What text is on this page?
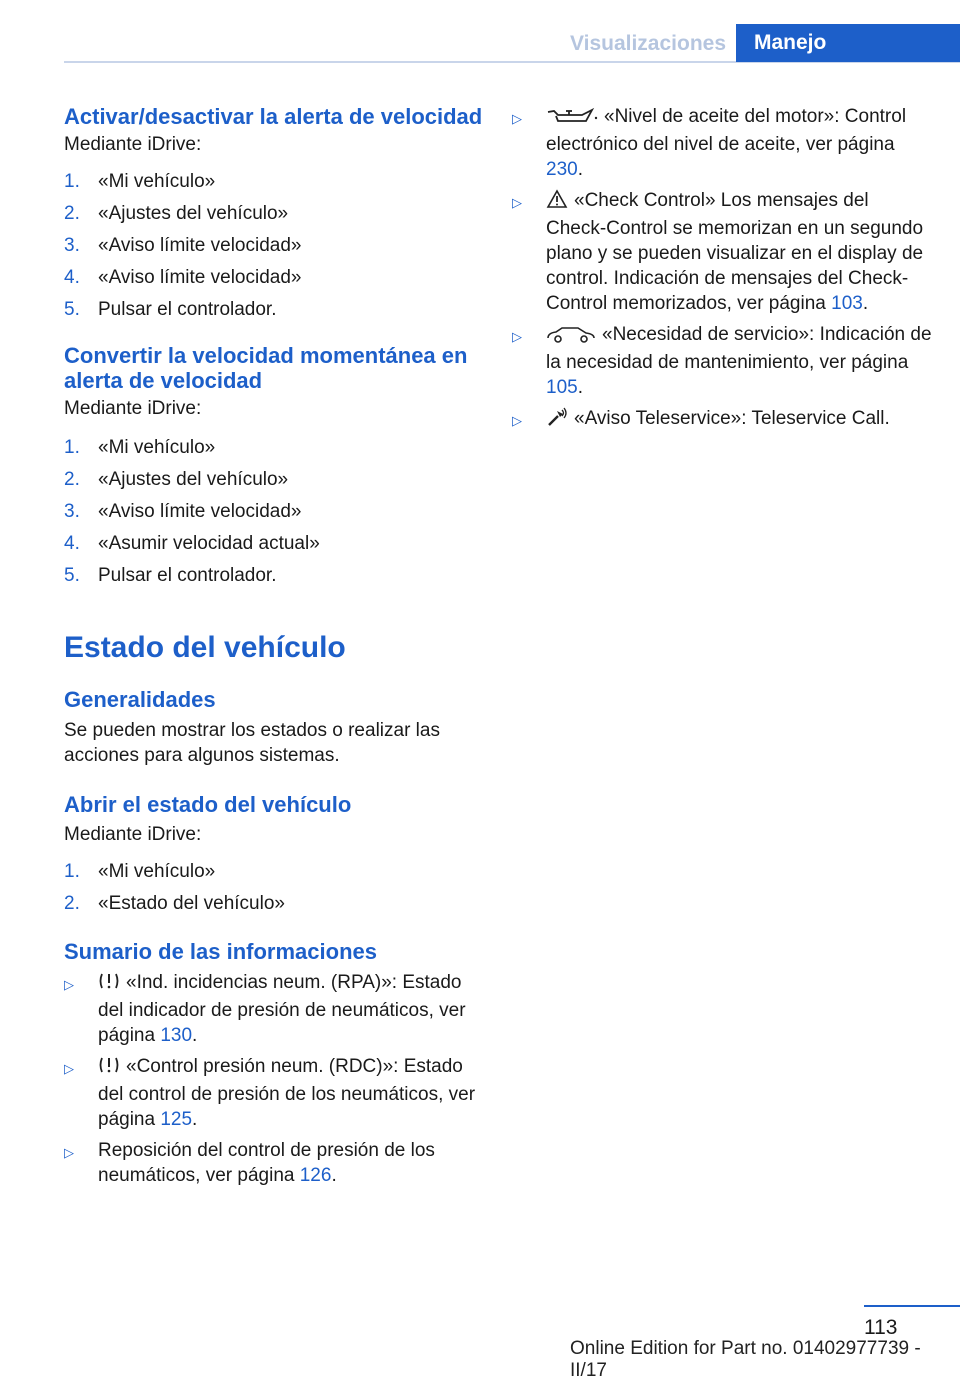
Visualizaciones	Manejo
Activar/desactivar la alerta de velocidad

Mediante iDrive:

1. «Mi vehículo»
2. «Ajustes del vehículo»
3. «Aviso límite velocidad»
4. «Aviso límite velocidad»
5. Pulsar el controlador.
Convertir la velocidad momentánea en alerta de velocidad

Mediante iDrive:

1. «Mi vehículo»
2. «Ajustes del vehículo»
3. «Aviso límite velocidad»
4. «Asumir velocidad actual»
5. Pulsar el controlador.
Estado del vehículo
Generalidades

Se pueden mostrar los estados o realizar las acciones para algunos sistemas.

Abrir el estado del vehículo

Mediante iDrive:

1. «Mi vehículo»
2. «Estado del vehículo»
Sumario de las informaciones
▷	«Ind. incidencias neum. (RPA)»: Estado del indicador de presión de neumáticos, ver página 130.
▷	«Control presión neum. (RDC)»: Estado del control de presión de los neumáticos, ver página 125.
▷	Reposición del control de presión de los neumáticos, ver página 126.
▷	«Nivel de aceite del motor»: Control electrónico del nivel de aceite, ver página 230.
▷	«Check Control» Los mensajes del Check-Control se memorizan en un segundo plano y se pueden visualizar en el display de control. Indicación de mensajes del Check-Control memorizados, ver página 103.
▷	«Necesidad de servicio»: Indicación de la necesidad de mantenimiento, ver página 105.
▷	«Aviso Teleservice»: Teleservice Call.
113
Online Edition for Part no. 01402977739 - II/17
